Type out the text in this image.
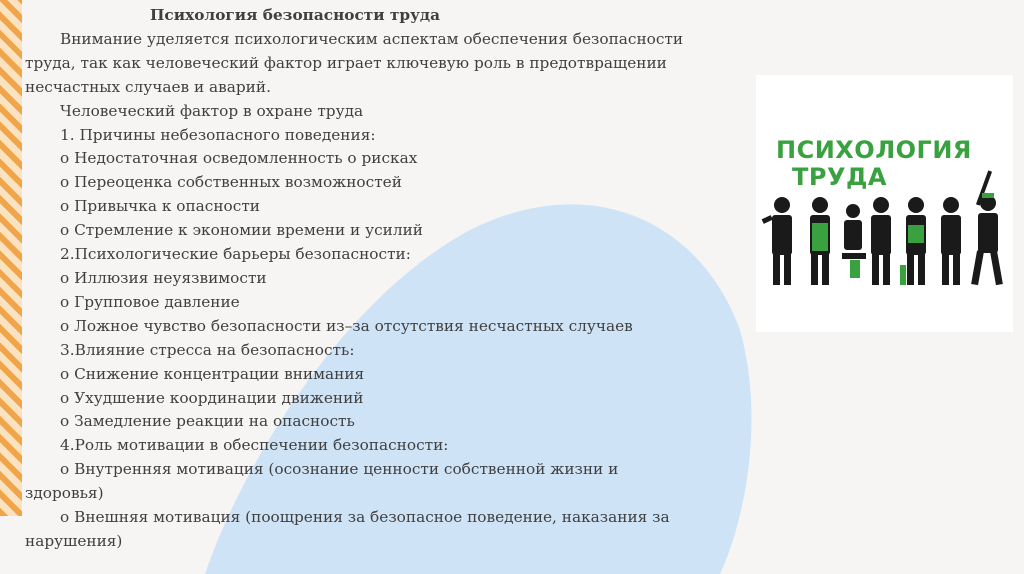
Психология безопасности труда

Внимание уделяется психологическим аспектам обеспечения безопасности

труда, так как человеческий фактор играет ключевую роль в предотвращении

несчастных случаев и аварий.

Человеческий фактор в охране труда

1. Причины небезопасного поведения:

o Недостаточная осведомленность о рисках

o Переоценка собственных возможностей

o Привычка к опасности

o Стремление к экономии времени и усилий

2.Психологические барьеры безопасности:

o Иллюзия неуязвимости

o Групповое давление

o Ложное чувство безопасности из–за отсутствия несчастных случаев

3.Влияние стресса на безопасность:

o Снижение концентрации внимания

o Ухудшение координации движений

o Замедление реакции на опасность

4.Роль мотивации в обеспечении безопасности:

o Внутренняя мотивация (осознание ценности собственной жизни и

здоровья)

o Внешняя мотивация (поощрения за безопасное поведение, наказания за

нарушения)

ПСИХОЛОГИЯ
ТРУДА
